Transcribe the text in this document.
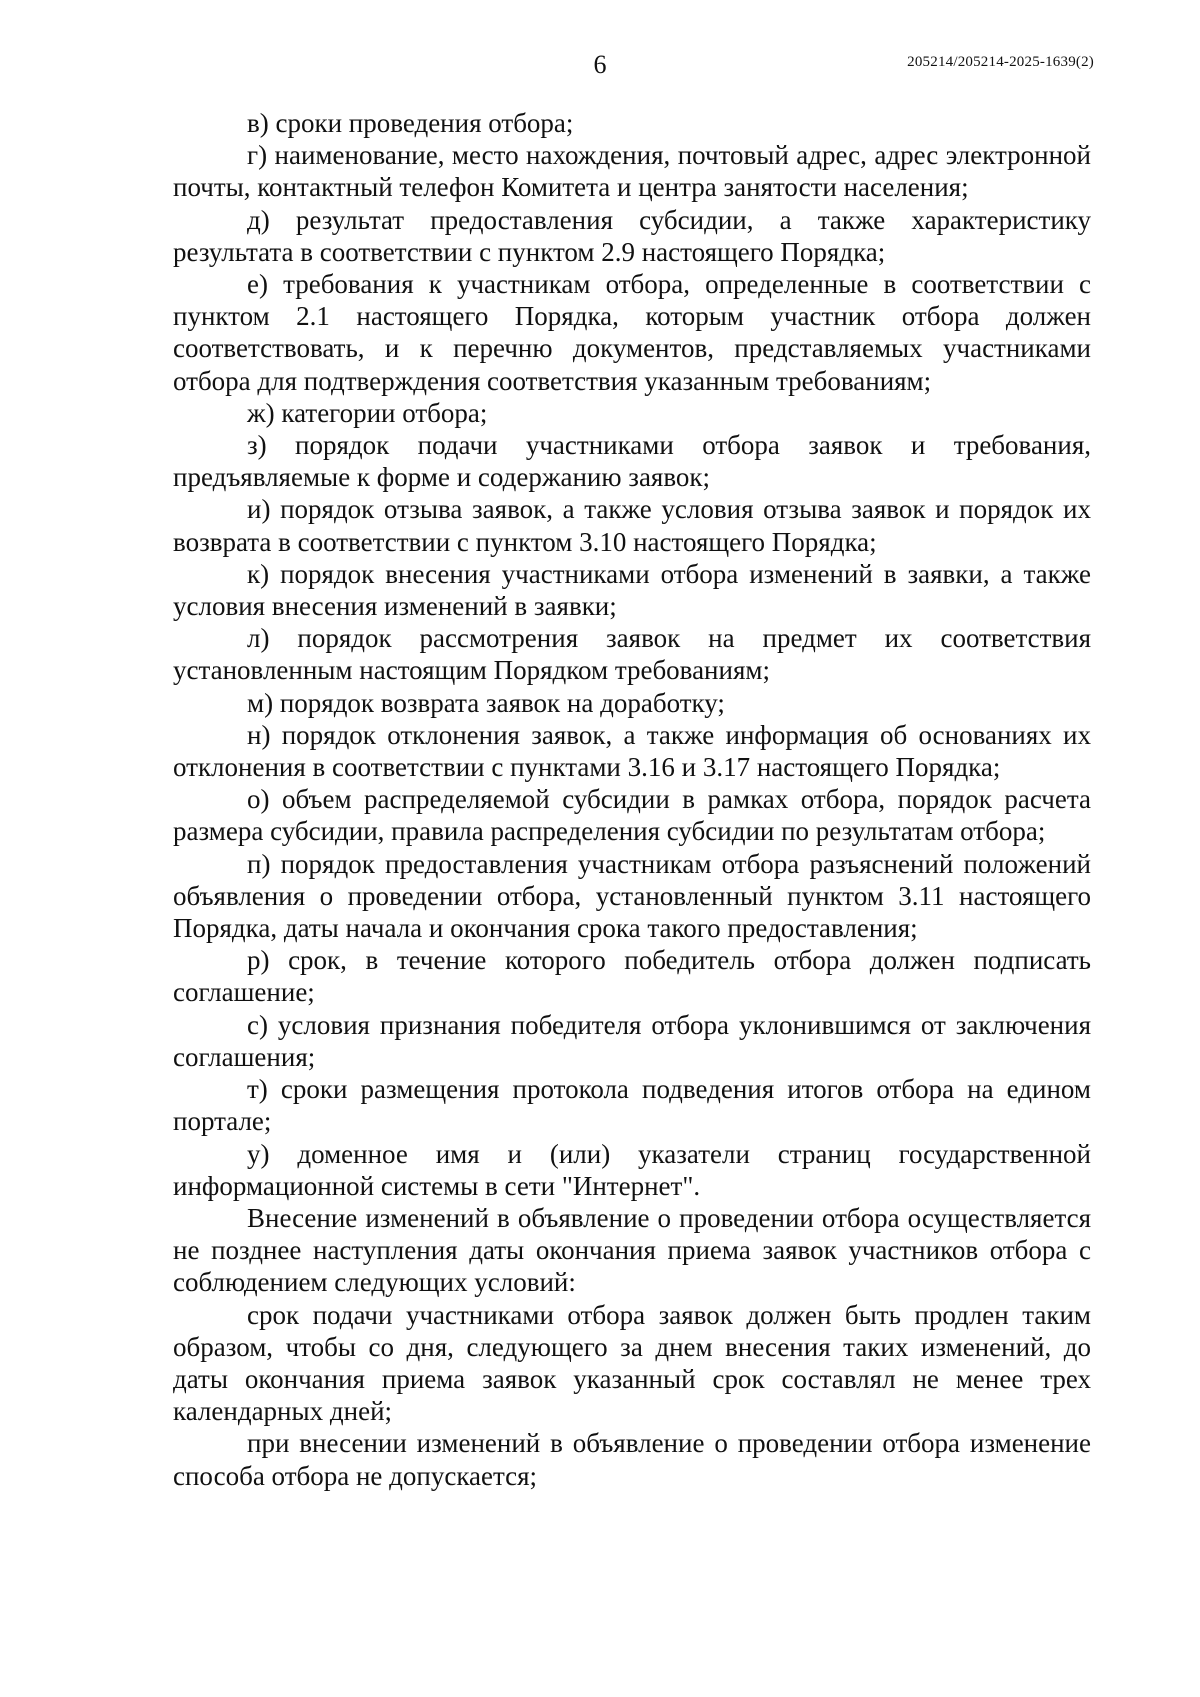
6	205214/205214-2025-1639(2)

в) сроки проведения отбора;

г) наименование, место нахождения, почтовый адрес, адрес электронной почты, контактный телефон Комитета и центра занятости населения;

д) результат предоставления субсидии, а также характеристику результата в соответствии с пунктом 2.9 настоящего Порядка;

е) требования к участникам отбора, определенные в соответствии с пунктом 2.1 настоящего Порядка, которым участник отбора должен соответствовать, и к перечню документов, представляемых участниками отбора для подтверждения соответствия указанным требованиям;

ж) категории отбора;

з) порядок подачи участниками отбора заявок и требования, предъявляемые к форме и содержанию заявок;

и) порядок отзыва заявок, а также условия отзыва заявок и порядок их возврата в соответствии с пунктом 3.10 настоящего Порядка;

к) порядок внесения участниками отбора изменений в заявки, а также условия внесения изменений в заявки;

л) порядок рассмотрения заявок на предмет их соответствия установленным настоящим Порядком требованиям;

м) порядок возврата заявок на доработку;

н) порядок отклонения заявок, а также информация об основаниях их отклонения в соответствии с пунктами 3.16 и 3.17 настоящего Порядка;

о) объем распределяемой субсидии в рамках отбора, порядок расчета размера субсидии, правила распределения субсидии по результатам отбора;

п) порядок предоставления участникам отбора разъяснений положений объявления о проведении отбора, установленный пунктом 3.11 настоящего Порядка, даты начала и окончания срока такого предоставления;

р) срок, в течение которого победитель отбора должен подписать соглашение;

с) условия признания победителя отбора уклонившимся от заключения соглашения;

т) сроки размещения протокола подведения итогов отбора на едином портале;

у) доменное имя и (или) указатели страниц государственной информационной системы в сети "Интернет".

Внесение изменений в объявление о проведении отбора осуществляется не позднее наступления даты окончания приема заявок участников отбора с соблюдением следующих условий:

срок подачи участниками отбора заявок должен быть продлен таким образом, чтобы со дня, следующего за днем внесения таких изменений, до даты окончания приема заявок указанный срок составлял не менее трех календарных дней;

при внесении изменений в объявление о проведении отбора изменение способа отбора не допускается;
